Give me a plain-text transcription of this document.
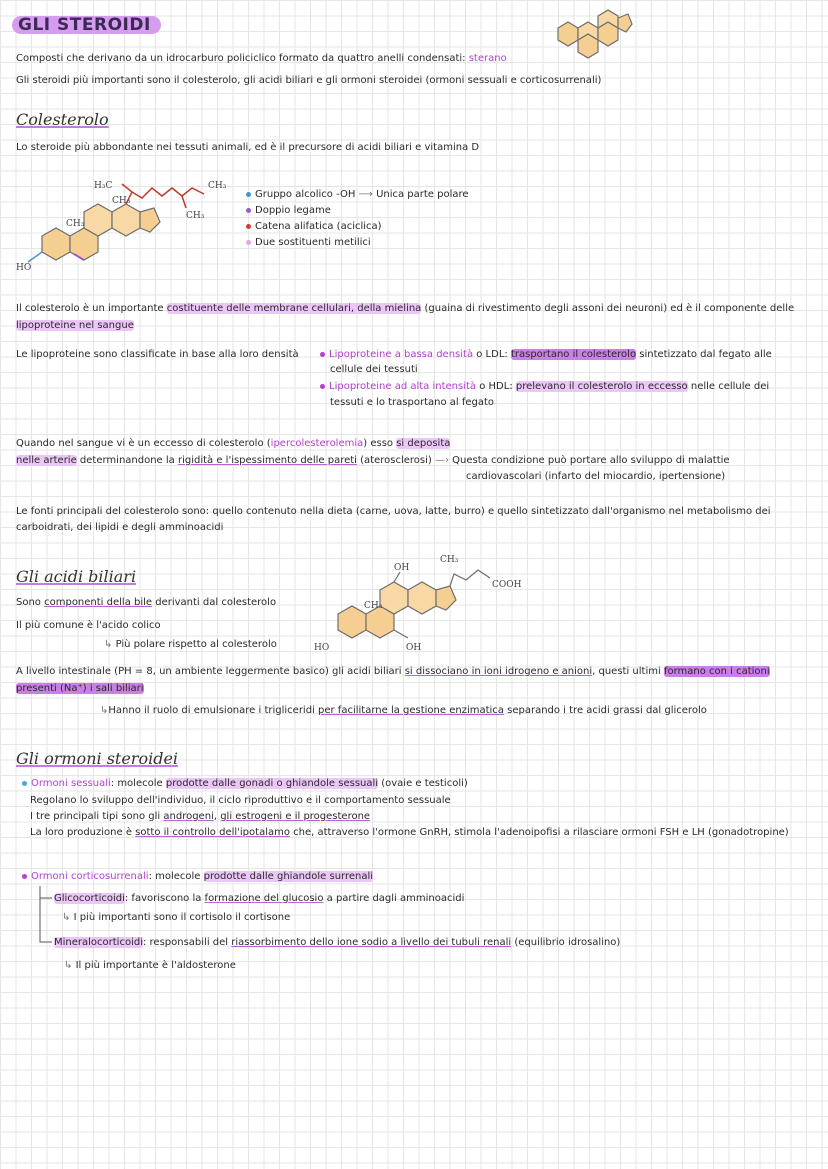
GLI STEROIDI
Composti che derivano da un idrocarburo policiclico formato da quattro anelli condensati: sterano
Gli steroidi più importanti sono il colesterolo, gli acidi biliari e gli ormoni steroidei (ormoni sessuali e corticosurrenali)
Colesterolo
Lo steroide più abbondante nei tessuti animali, ed è il precursore di acidi biliari e vitamina D
H₃C
CH₃
CH₃
CH₃
CH₃
HO
Gruppo alcolico -OH ⟶ Unica parte polare
Doppio legame
Catena alifatica (aciclica)
Due sostituenti metilici
Il colesterolo è un importante costituente delle membrane cellulari, della mielina (guaina di rivestimento degli assoni dei neuroni) ed è il componente delle
lipoproteine nel sangue
Le lipoproteine sono classificate in base alla loro densità	Lipoproteine a bassa densità o LDL: trasportano il colesterolo sintetizzato dal fegato alle
cellule dei tessuti
Lipoproteine ad alta intensità o HDL: prelevano il colesterolo in eccesso nelle cellule dei
tessuti e lo trasportano al fegato
Quando nel sangue vi è un eccesso di colesterolo (ipercolesterolemia) esso si deposita
nelle arterie determinandone la rigidità e l'ispessimento delle pareti (aterosclerosi) —› Questa condizione può portare allo sviluppo di malattie
cardiovascolari (infarto del miocardio, ipertensione)
Le fonti principali del colesterolo sono: quello contenuto nella dieta (carne, uova, latte, burro) e quello sintetizzato dall'organismo nel metabolismo dei
carboidrati, dei lipidi e degli amminoacidi
Gli acidi biliari
Sono componenti della bile derivanti dal colesterolo
Il più comune è l'acido colico
↳ Più polare rispetto al colesterolo
OH
CH₃
COOH
CH₃
HO	OH
A livello intestinale (PH = 8, un ambiente leggermente basico) gli acidi biliari si dissociano in ioni idrogeno e anioni, questi ultimi formano con i cationi
presenti (Na⁺) i sali biliari
↳Hanno il ruolo di emulsionare i trigliceridi per facilitarne la gestione enzimatica separando i tre acidi grassi dal glicerolo
Gli ormoni steroidei
Ormoni sessuali: molecole prodotte dalle gonadi o ghiandole sessuali (ovaie e testicoli)
Regolano lo sviluppo dell'individuo, il ciclo riproduttivo e il comportamento sessuale
I tre principali tipi sono gli androgeni, gli estrogeni e il progesterone
La loro produzione è sotto il controllo dell'ipotalamo che, attraverso l'ormone GnRH, stimola l'adenoipofisi a rilasciare ormoni FSH e LH (gonadotropine)
Ormoni corticosurrenali: molecole prodotte dalle ghiandole surrenali
Glicocorticoidi: favoriscono la formazione del glucosio a partire dagli amminoacidi
↳ I più importanti sono il cortisolo il cortisone
Mineralocorticoidi: responsabili del riassorbimento dello ione sodio a livello dei tubuli renali (equilibrio idrosalino)
↳ Il più importante è l'aldosterone
